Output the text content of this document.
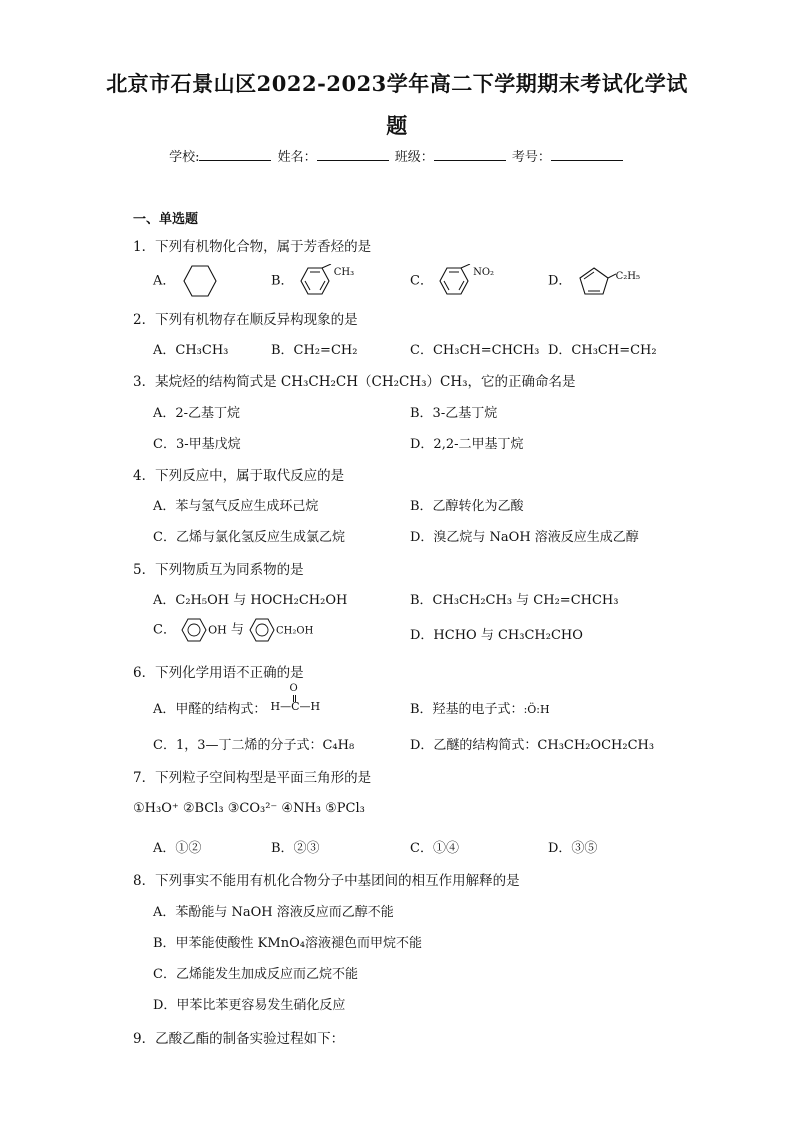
北京市石景山区2022-2023学年高二下学期期末考试化学试
题
学校:	姓名：	班级：	考号：
一、单选题
1．下列有机物化合物，属于芳香烃的是
A．	B． $^{CH_3}$
C． $^{NO_2}$
D．	$^{C_2H_5}$
2．下列有机物存在顺反异构现象的是
A．CH₃CH₃	B．CH₂=CH₂	C．CH₃CH=CHCH₃ D．CH₃CH=CH₂
3．某烷烃的结构简式是 CH₃CH₂CH（CH₂CH₃）CH₃，它的正确命名是
A．2-乙基丁烷	B．3-乙基丁烷
C．3-甲基戊烷	D．2,2-二甲基丁烷
4．下列反应中，属于取代反应的是
A．苯与氢气反应生成环己烷	B．乙醇转化为乙酸
C．乙烯与氯化氢反应生成氯乙烷	D．溴乙烷与 NaOH 溶液反应生成乙醇
5．下列物质互为同系物的是
A．C₂H₅OH 与 HOCH₂CH₂OH	B．CH₃CH₂CH₃ 与 CH₂=CHCH₃
C．	OH 与	CH₂OH	D．HCHO 与 CH₃CH₂CHO
6．下列化学用语不正确的是
A．甲醛的结构式：
O
H—C—H	B．羟基的电子式：:Ö:H
C．1，3—丁二烯的分子式：C₄H₈	D．乙醚的结构简式：CH₃CH₂OCH₂CH₃
7．下列粒子空间构型是平面三角形的是
①H₃O⁺ ②BCl₃ ③CO₃²⁻ ④NH₃ ⑤PCl₃
A．①②	B．②③	C．①④	D．③⑤
8．下列事实不能用有机化合物分子中基团间的相互作用解释的是
A．苯酚能与 NaOH 溶液反应而乙醇不能
B．甲苯能使酸性 KMnO₄溶液褪色而甲烷不能
C．乙烯能发生加成反应而乙烷不能
D．甲苯比苯更容易发生硝化反应
9．乙酸乙酯的制备实验过程如下：
